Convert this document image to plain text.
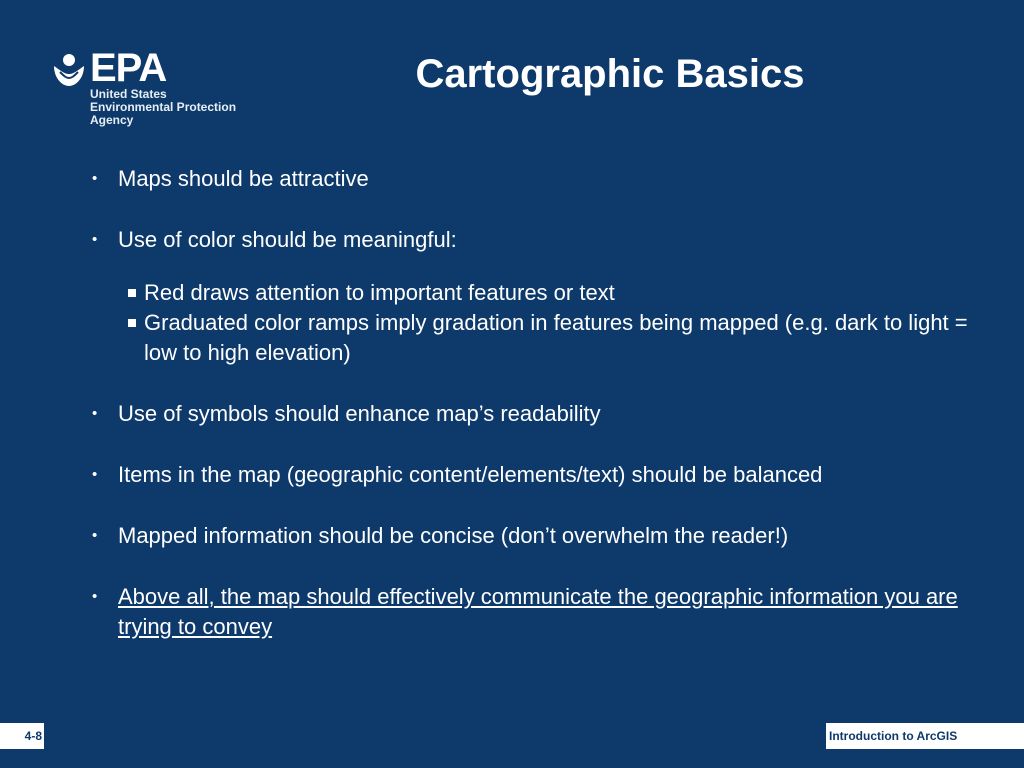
EPA
United States
Environmental Protection
Agency
Cartographic Basics
• Maps should be attractive
• Use of color should be meaningful:
Red draws attention to important features or text
Graduated color ramps imply gradation in features being mapped (e.g. dark to light = low to high elevation)
• Use of symbols should enhance map’s readability
• Items in the map (geographic content/elements/text) should be balanced
• Mapped information should be concise (don’t overwhelm the reader!)
• Above all, the map should effectively communicate the geographic information you are trying to convey
4-8	Introduction to ArcGIS
